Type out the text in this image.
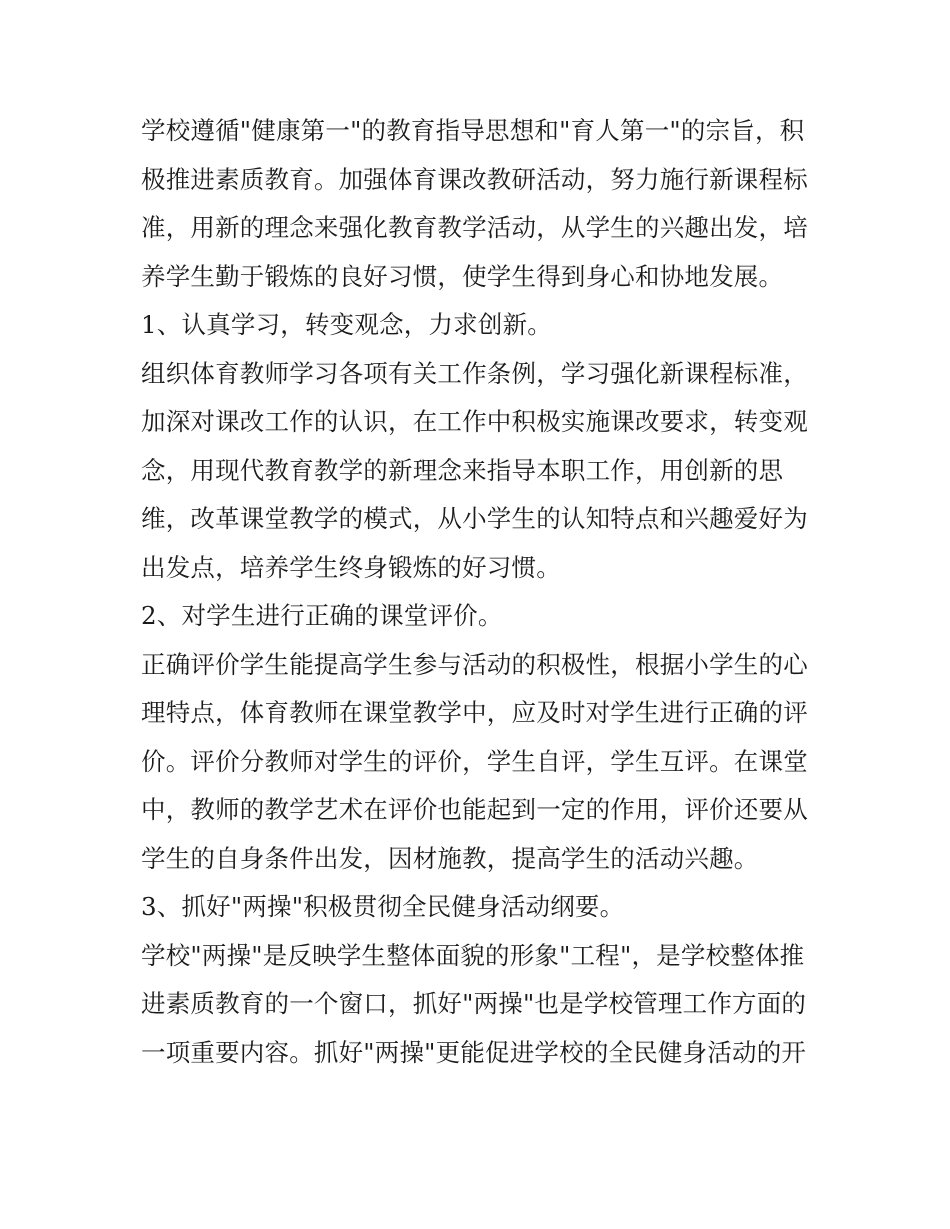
学校遵循"健康第一"的教育指导思想和"育人第一"的宗旨，积
极推进素质教育。加强体育课改教研活动，努力施行新课程标
准，用新的理念来强化教育教学活动，从学生的兴趣出发，培
养学生勤于锻炼的良好习惯，使学生得到身心和协地发展。
1、认真学习，转变观念，力求创新。
组织体育教师学习各项有关工作条例，学习强化新课程标准，
加深对课改工作的认识，在工作中积极实施课改要求，转变观
念，用现代教育教学的新理念来指导本职工作，用创新的思
维，改革课堂教学的模式，从小学生的认知特点和兴趣爱好为
出发点，培养学生终身锻炼的好习惯。
2、对学生进行正确的课堂评价。
正确评价学生能提高学生参与活动的积极性，根据小学生的心
理特点，体育教师在课堂教学中，应及时对学生进行正确的评
价。评价分教师对学生的评价，学生自评，学生互评。在课堂
中，教师的教学艺术在评价也能起到一定的作用，评价还要从
学生的自身条件出发，因材施教，提高学生的活动兴趣。
3、抓好"两操"积极贯彻全民健身活动纲要。
学校"两操"是反映学生整体面貌的形象"工程"，是学校整体推
进素质教育的一个窗口，抓好"两操"也是学校管理工作方面的
一项重要内容。抓好"两操"更能促进学校的全民健身活动的开
